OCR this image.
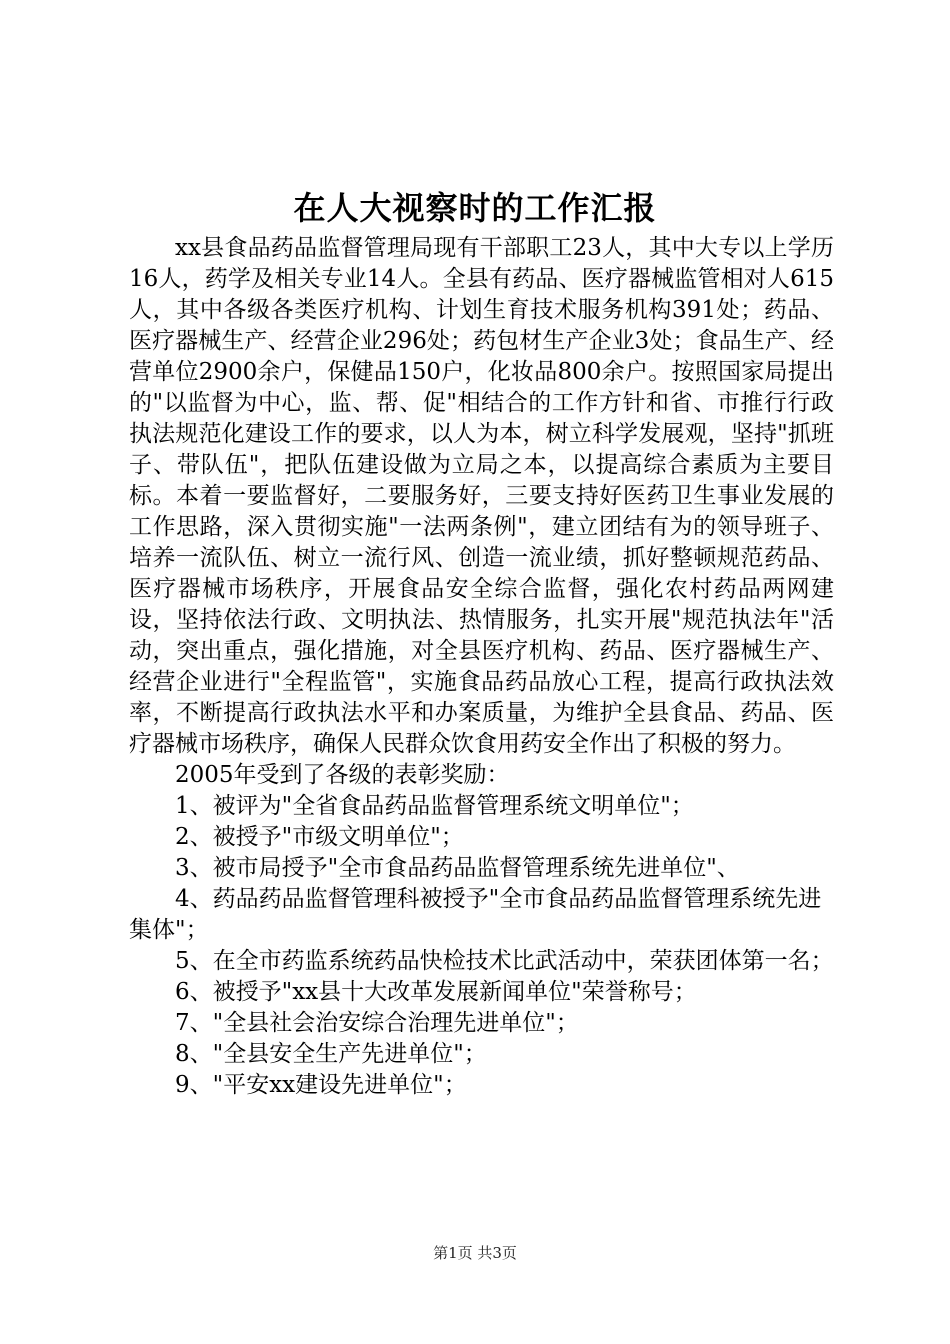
在人大视察时的工作汇报

xx县食品药品监督管理局现有干部职工23人，其中大专以上学历16人，药学及相关专业14人。全县有药品、医疗器械监管相对人615人，其中各级各类医疗机构、计划生育技术服务机构391处；药品、医疗器械生产、经营企业296处；药包材生产企业3处；食品生产、经营单位2900余户，保健品150户，化妆品800余户。按照国家局提出的"以监督为中心，监、帮、促"相结合的工作方针和省、市推行行政执法规范化建设工作的要求，以人为本，树立科学发展观，坚持"抓班子、带队伍"，把队伍建设做为立局之本，以提高综合素质为主要目标。本着一要监督好，二要服务好，三要支持好医药卫生事业发展的工作思路，深入贯彻实施"一法两条例"，建立团结有为的领导班子、培养一流队伍、树立一流行风、创造一流业绩，抓好整顿规范药品、医疗器械市场秩序，开展食品安全综合监督，强化农村药品两网建设，坚持依法行政、文明执法、热情服务，扎实开展"规范执法年"活动，突出重点，强化措施，对全县医疗机构、药品、医疗器械生产、经营企业进行"全程监管"，实施食品药品放心工程，提高行政执法效率，不断提高行政执法水平和办案质量，为维护全县食品、药品、医疗器械市场秩序，确保人民群众饮食用药安全作出了积极的努力。

2005年受到了各级的表彰奖励：

1、被评为"全省食品药品监督管理系统文明单位"；

2、被授予"市级文明单位"；

3、被市局授予"全市食品药品监督管理系统先进单位"、

4、药品药品监督管理科被授予"全市食品药品监督管理系统先进集体"；

5、在全市药监系统药品快检技术比武活动中，荣获团体第一名；

6、被授予"xx县十大改革发展新闻单位"荣誉称号；

7、"全县社会治安综合治理先进单位"；

8、"全县安全生产先进单位"；

9、"平安xx建设先进单位"；

第1页 共3页
